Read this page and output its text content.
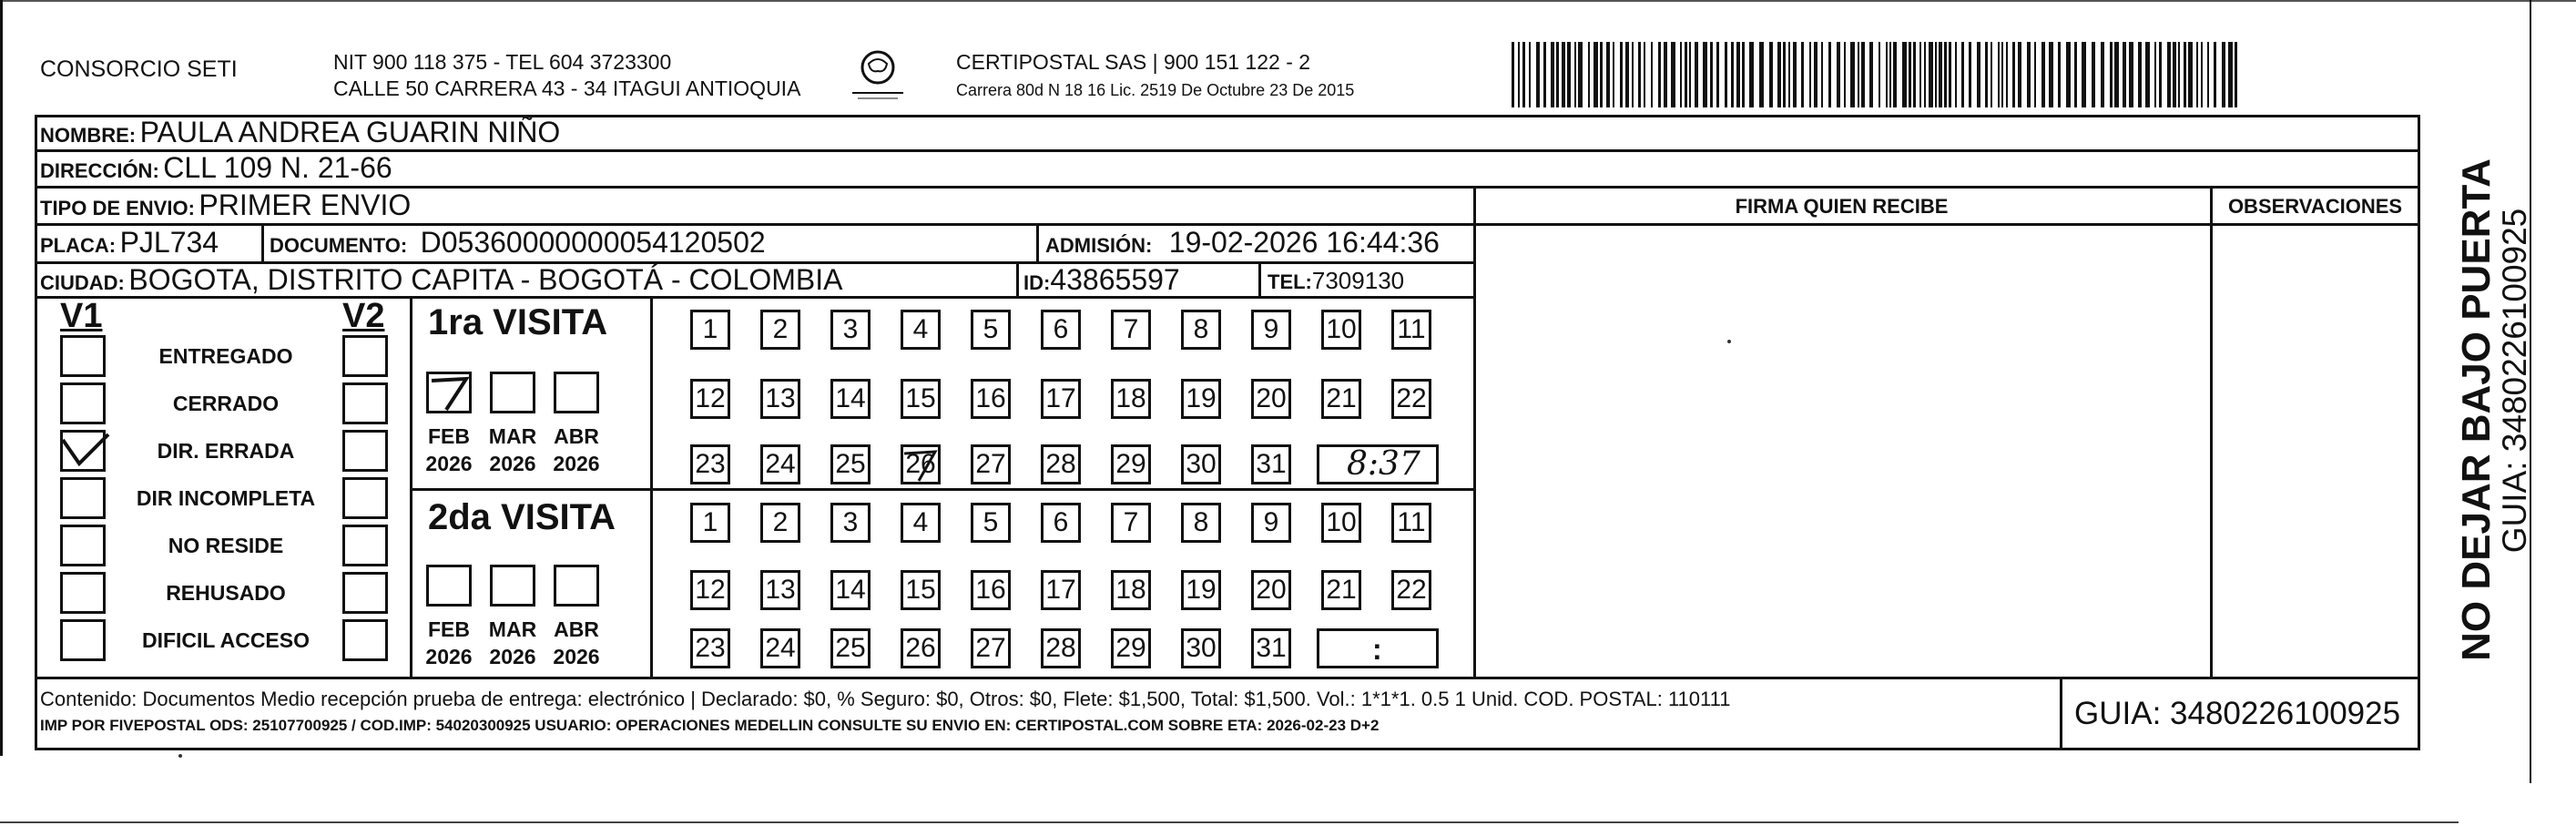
CONSORCIO SETI	NIT 900 118 375 - TEL 604 3723300
CALLE 50 CARRERA 43 - 34 ITAGUI ANTIOQUIA
CERTIPOSTAL SAS | 900 151 122 - 2
Carrera 80d N 18 16 Lic. 2519 De Octubre 23 De 2015
NOMBRE: PAULA ANDREA GUARIN NIÑO
DIRECCIÓN: CLL 109 N. 21-66
TIPO DE ENVIO: PRIMER ENVIO	FIRMA QUIEN RECIBE	OBSERVACIONES
PLACA: PJL734	DOCUMENTO: D05360000000054120502	ADMISIÓN: 19-02-2026 16:44:36
CIUDAD: BOGOTA, DISTRITO CAPITA - BOGOTÁ - COLOMBIA	ID:43865597	TEL:7309130
V1	V2
ENTREGADO
CERRADO
DIR. ERRADA
DIR INCOMPLETA
NO RESIDE
REHUSADO
DIFICIL ACCESO
1ra VISITA
2da VISITA
FEB
2026
MAR
2026
ABR
2026
FEB
2026
MAR
2026
ABR
2026
1 2 3 4 5 6 7 8 9 10 11
12 13 14 15 16 17 18 19 20 21 22
23 24 25 26 27 28 29 30 31
1 2 3 4 5 6 7 8 9 10 11
12 13 14 15 16 17 18 19 20 21 22
23 24 25 26 27 28 29 30 31
8:37
:
Contenido: Documentos Medio recepción prueba de entrega: electrónico | Declarado: $0, % Seguro: $0, Otros: $0, Flete: $1,500, Total: $1,500. Vol.: 1*1*1. 0.5 1 Unid. COD. POSTAL: 110111
IMP POR FIVEPOSTAL ODS: 25107700925 / COD.IMP: 54020300925 USUARIO: OPERACIONES MEDELLIN CONSULTE SU ENVIO EN: CERTIPOSTAL.COM SOBRE ETA: 2026-02-23 D+2	GUIA: 3480226100925
NO DEJAR BAJO PUERTA
GUIA: 3480226100925
